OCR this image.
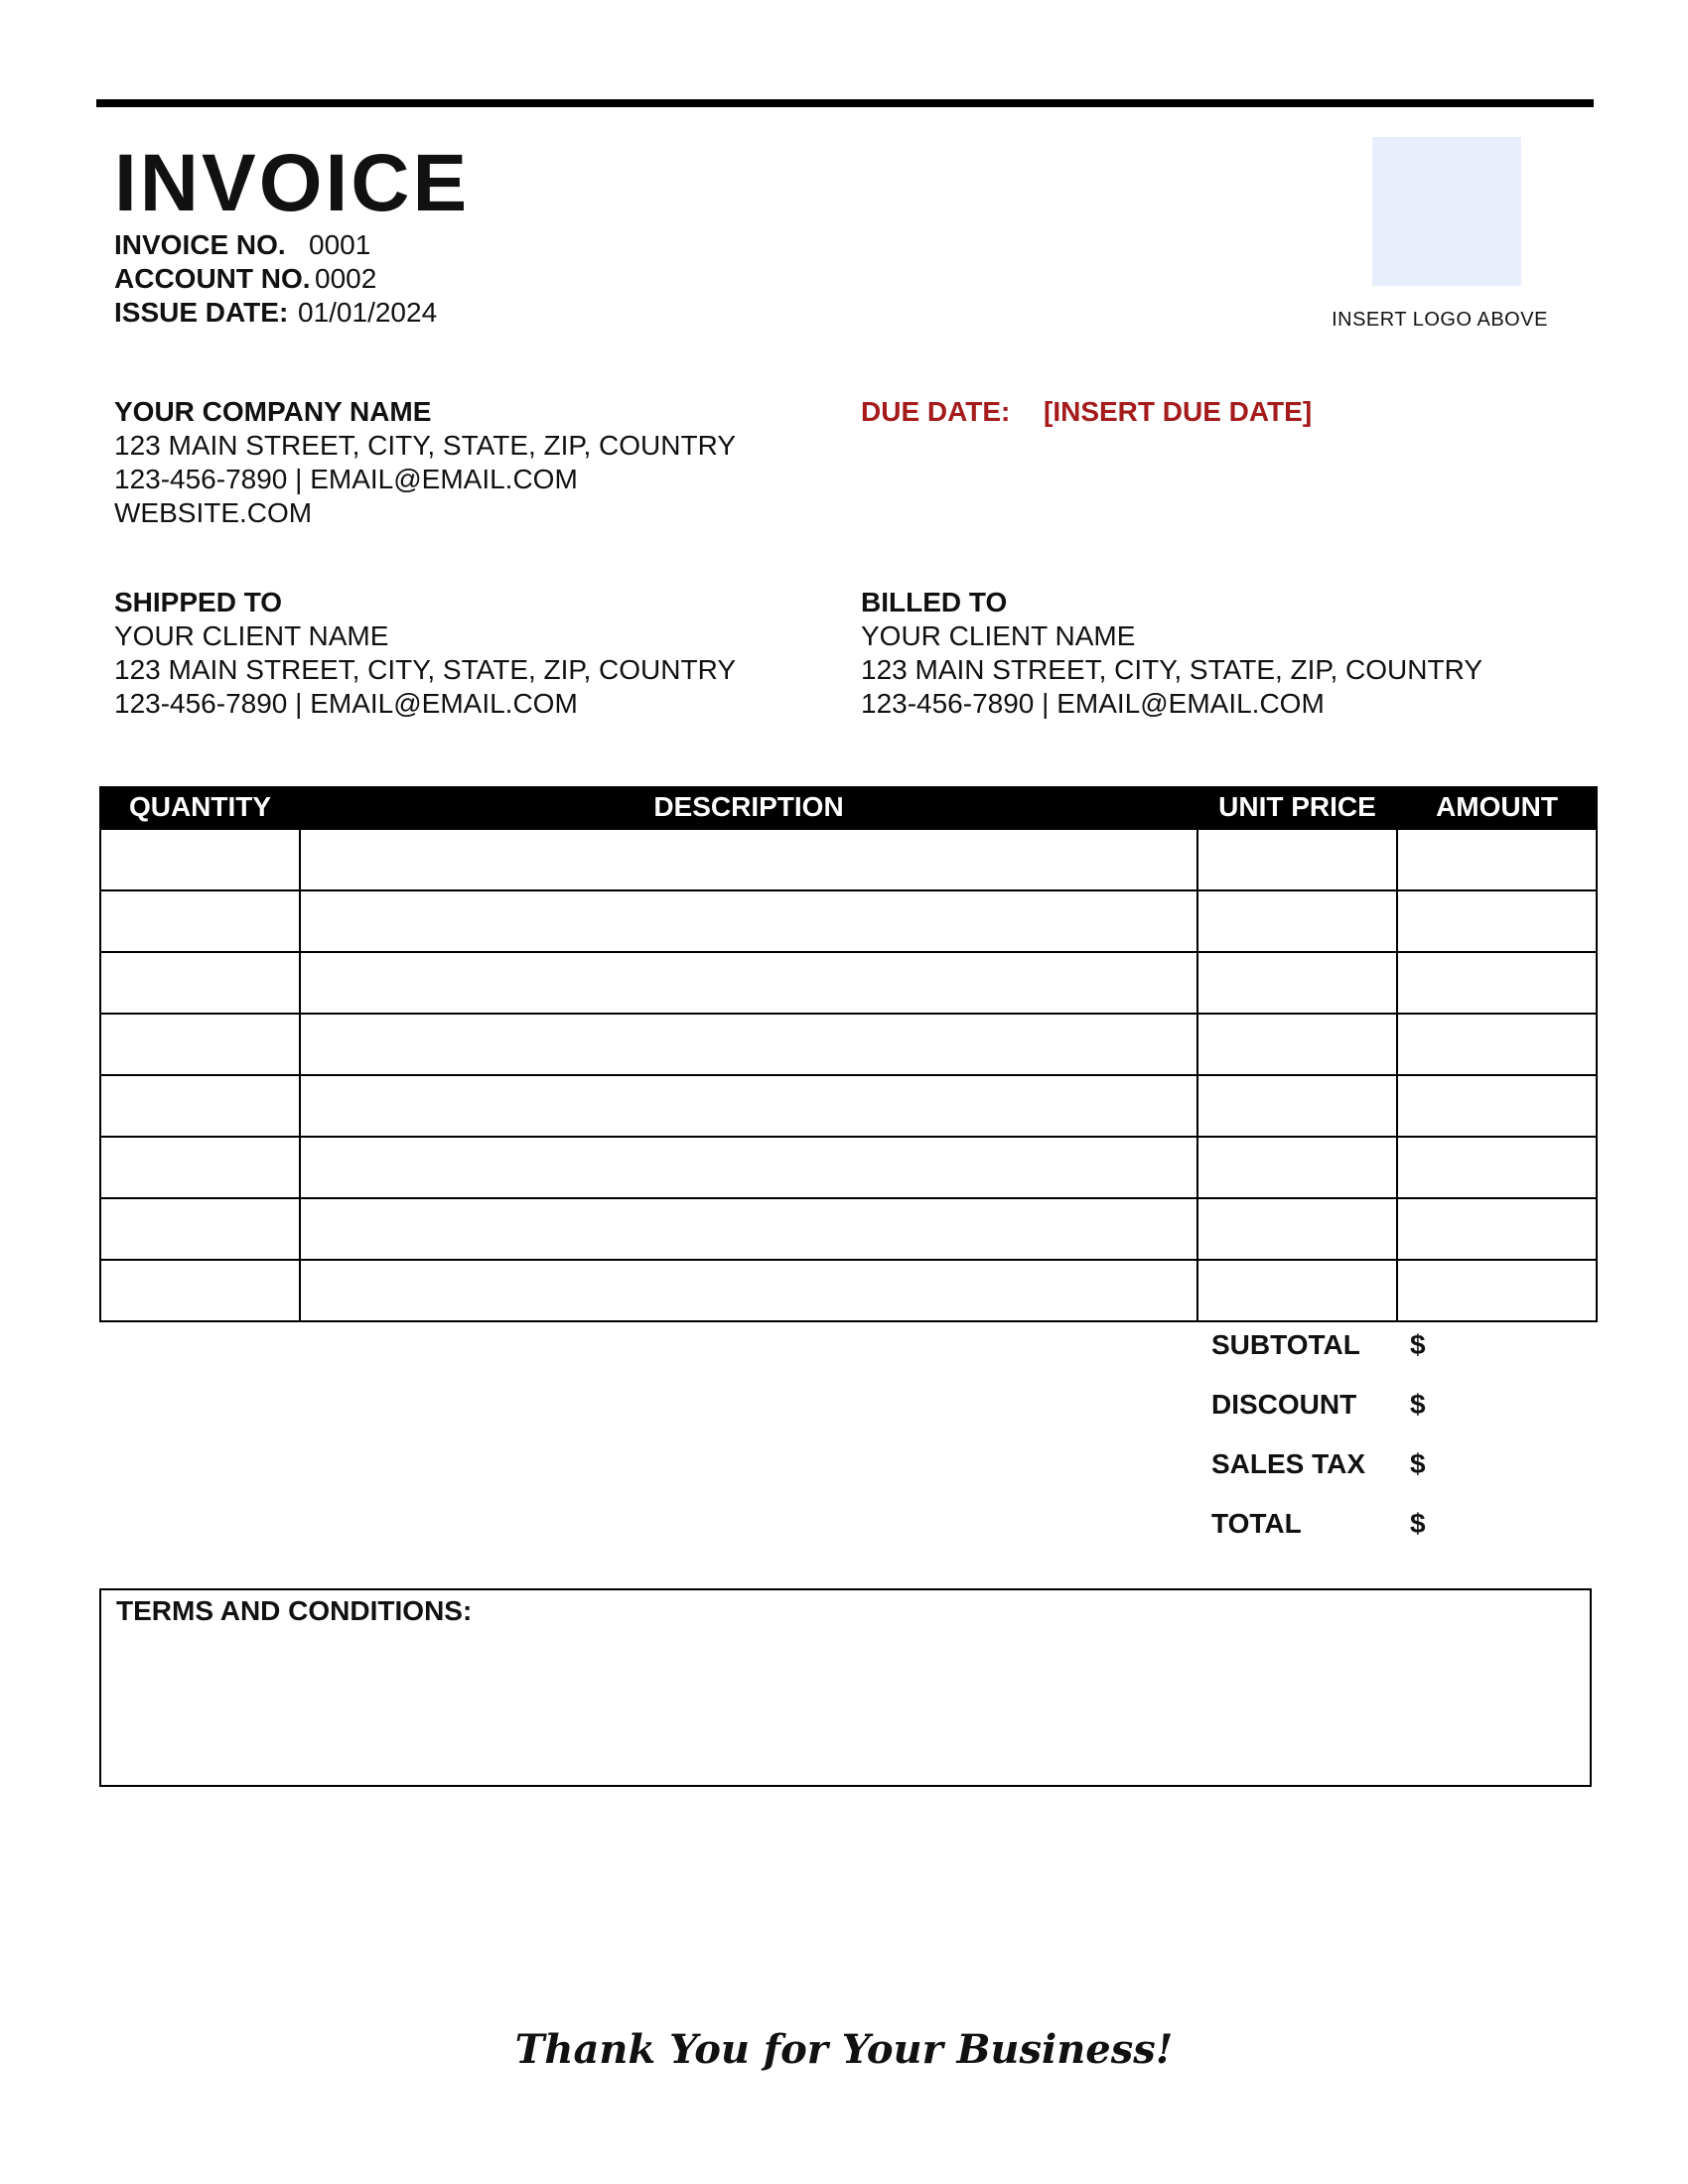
INVOICE
INVOICE NO. 0001
ACCOUNT NO. 0002
ISSUE DATE: 01/01/2024	INSERT LOGO ABOVE
YOUR COMPANY NAME
123 MAIN STREET, CITY, STATE, ZIP, COUNTRY
123-456-7890 | EMAIL@EMAIL.COM
WEBSITE.COM
DUE DATE: [INSERT DUE DATE]
SHIPPED TO
YOUR CLIENT NAME
123 MAIN STREET, CITY, STATE, ZIP, COUNTRY
123-456-7890 | EMAIL@EMAIL.COM
BILLED TO
YOUR CLIENT NAME
123 MAIN STREET, CITY, STATE, ZIP, COUNTRY
123-456-7890 | EMAIL@EMAIL.COM
QUANTITY	DESCRIPTION	UNIT PRICE	AMOUNT

SUBTOTAL $
DISCOUNT $
SALES TAX $
TOTAL	$
TERMS AND CONDITIONS:
Thank You for Your Business!
